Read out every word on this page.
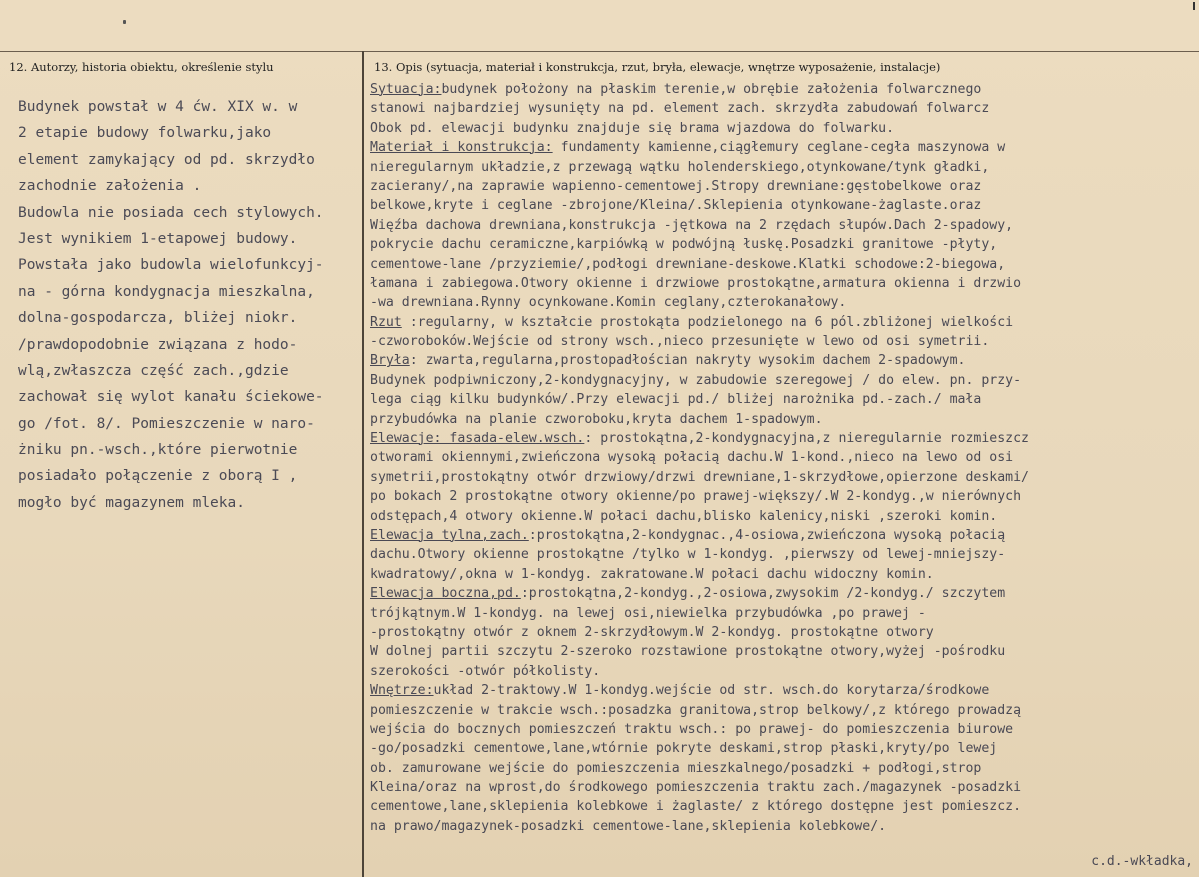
12. Autorzy, historia obiektu, określenie stylu	13. Opis (sytuacja, materiał i konstrukcja, rzut, bryła, elewacje, wnętrze wyposażenie, instalacje)
Budynek powstał w 4 ćw. XIX w. w
2 etapie budowy folwarku,jako
element zamykający od pd. skrzydło
zachodnie założenia .
Budowla nie posiada cech stylowych.
Jest wynikiem 1-etapowej budowy.
Powstała jako budowla wielofunkcyj-
na - górna kondygnacja mieszkalna,
dolna-gospodarcza, bliżej niokr.
/prawdopodobnie związana z hodo-
wlą,zwłaszcza część zach.,gdzie
zachował się wylot kanału ściekowe-
go /fot. 8/. Pomieszczenie w naro-
żniku pn.-wsch.,które pierwotnie
posiadało połączenie z oborą I ,
mogło być magazynem mleka.
Sytuacja:budynek położony na płaskim terenie,w obrębie założenia folwarcznego
stanowi najbardziej wysunięty na pd. element zach. skrzydła zabudowań folwarcz
Obok pd. elewacji budynku znajduje się brama wjazdowa do folwarku.
Materiał i konstrukcja: fundamenty kamienne,ciągłemury ceglane-cegła maszynowa w
nieregularnym układzie,z przewagą wątku holenderskiego,otynkowane/tynk gładki,
zacierany/,na zaprawie wapienno-cementowej.Stropy drewniane:gęstobelkowe oraz
belkowe,kryte i ceglane -zbrojone/Kleina/.Sklepienia otynkowane-żaglaste.oraz
Więźba dachowa drewniana,konstrukcja -jętkowa na 2 rzędach słupów.Dach 2-spadowy,
pokrycie dachu ceramiczne,karpiówką w podwójną łuskę.Posadzki granitowe -płyty,
cementowe-lane /przyziemie/,podłogi drewniane-deskowe.Klatki schodowe:2-biegowa,
łamana i zabiegowa.Otwory okienne i drzwiowe prostokątne,armatura okienna i drzwio
-wa drewniana.Rynny ocynkowane.Komin ceglany,czterokanałowy.
Rzut :regularny, w kształcie prostokąta podzielonego na 6 pól.zbliżonej wielkości
-czworoboków.Wejście od strony wsch.,nieco przesunięte w lewo od osi symetrii.
Bryła: zwarta,regularna,prostopadłościan nakryty wysokim dachem 2-spadowym.
Budynek podpiwniczony,2-kondygnacyjny, w zabudowie szeregowej / do elew. pn. przy-
lega ciąg kilku budynków/.Przy elewacji pd./ bliżej narożnika pd.-zach./ mała
przybudówka na planie czworoboku,kryta dachem 1-spadowym.
Elewacje: fasada-elew.wsch.: prostokątna,2-kondygnacyjna,z nieregularnie rozmieszcz
otworami okiennymi,zwieńczona wysoką połacią dachu.W 1-kond.,nieco na lewo od osi
symetrii,prostokątny otwór drzwiowy/drzwi drewniane,1-skrzydłowe,opierzone deskami/
po bokach 2 prostokątne otwory okienne/po prawej-większy/.W 2-kondyg.,w nierównych
odstępach,4 otwory okienne.W połaci dachu,blisko kalenicy,niski ,szeroki komin.
Elewacja tylna,zach.:prostokątna,2-kondygnac.,4-osiowa,zwieńczona wysoką połacią
dachu.Otwory okienne prostokątne /tylko w 1-kondyg. ,pierwszy od lewej-mniejszy-
kwadratowy/,okna w 1-kondyg. zakratowane.W połaci dachu widoczny komin.
Elewacja boczna,pd.:prostokątna,2-kondyg.,2-osiowa,zwysokim /2-kondyg./ szczytem
trójkątnym.W 1-kondyg. na lewej osi,niewielka przybudówka ,po prawej -
-prostokątny otwór z oknem 2-skrzydłowym.W 2-kondyg. prostokątne otwory
W dolnej partii szczytu 2-szeroko rozstawione prostokątne otwory,wyżej -pośrodku
szerokości -otwór półkolisty.
Wnętrze:układ 2-traktowy.W 1-kondyg.wejście od str. wsch.do korytarza/środkowe
pomieszczenie w trakcie wsch.:posadzka granitowa,strop belkowy/,z którego prowadzą
wejścia do bocznych pomieszczeń traktu wsch.: po prawej- do pomieszczenia biurowe
-go/posadzki cementowe,lane,wtórnie pokryte deskami,strop płaski,kryty/po lewej
ob. zamurowane wejście do pomieszczenia mieszkalnego/posadzki + podłogi,strop
Kleina/oraz na wprost,do środkowego pomieszczenia traktu zach./magazynek -posadzki
cementowe,lane,sklepienia kolebkowe i żaglaste/ z którego dostępne jest pomieszcz.
na prawo/magazynek-posadzki cementowe-lane,sklepienia kolebkowe/.
c.d.-wkładka,
